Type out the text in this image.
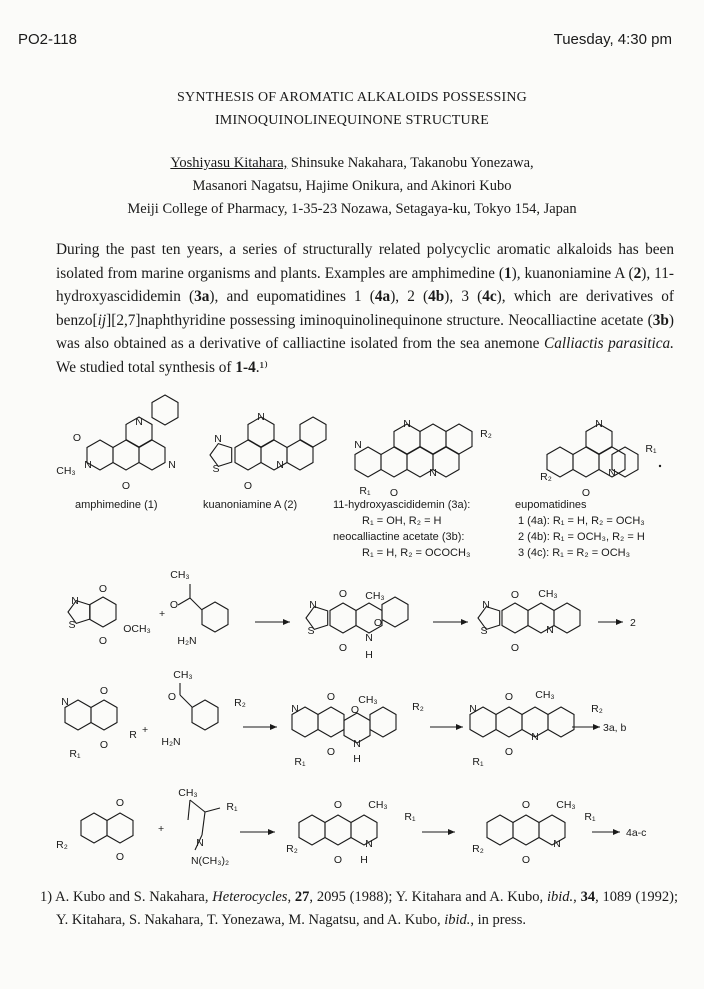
PO2-118	Tuesday, 4:30 pm
SYNTHESIS OF AROMATIC ALKALOIDS POSSESSING
IMINOQUINOLINEQUINONE STRUCTURE
Yoshiyasu Kitahara, Shinsuke Nakahara, Takanobu Yonezawa,
Masanori Nagatsu, Hajime Onikura, and Akinori Kubo
Meiji College of Pharmacy, 1-35-23 Nozawa, Setagaya-ku, Tokyo 154, Japan
During the past ten years, a series of structurally related polycyclic aromatic alkaloids has been isolated from marine organisms and plants. Examples are amphimedine (1), kuanoniamine A (2), 11-hydroxyascididemin (3a), and eupomatidines 1 (4a), 2 (4b), 3 (4c), which are derivatives of benzo[ij][2,7]naphthyridine possessing iminoquinolinequinone structure. Neocalliactine acetate (3b) was also obtained as a derivative of calliactine isolated from the sea anemone Calliactis parasitica. We studied total synthesis of 1-4.¹⁾
O
N
CH₃
O
N
N
N
S
O
N
N
N
N
N
O
R₁
R₂
N
N
O
R₂
R₁
N
S
O
O
OCH₃
+
CH₃
O
H₂N
N
S
O
O
CH₃
O
N
H
N
S
O
O
CH₃
N
2
N
O
O
R₁
R +
CH₃
O
H₂N
R₂	N
O
O
R₁
CH₃
O
N
H
R₂	N
O
O
R₁
CH₃
N
R₂
3a, b
O
O
R₂
+
CH₃
R₁
N
N(CH₃)₂
O
O
R₂
CH₃
R₁
N
H
O
O
R₂
CH₃
R₁
N
4a-c
amphimedine (1)	kuanoniamine A (2)	11-hydroxyascididemin (3a):
R₁ = OH, R₂ = H
neocalliactine acetate (3b):
R₁ = H, R₂ = OCOCH₃
eupomatidines
1 (4a): R₁ = H, R₂ = OCH₃
2 (4b): R₁ = OCH₃, R₂ = H
3 (4c): R₁ = R₂ = OCH₃
1) A. Kubo and S. Nakahara, Heterocycles, 27, 2095 (1988); Y. Kitahara and A. Kubo, ibid., 34, 1089 (1992); Y. Kitahara, S. Nakahara, T. Yonezawa, M. Nagatsu, and A. Kubo, ibid., in press.
